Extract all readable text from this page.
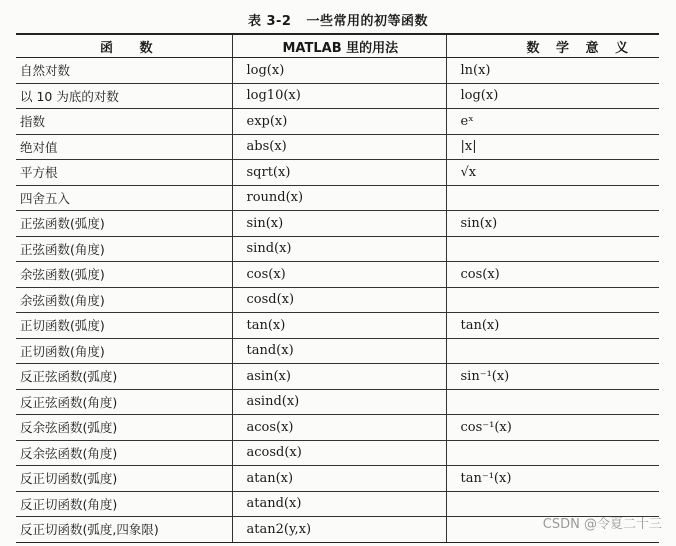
表 3-2 一些常用的初等函数
函 数	MATLAB 里的用法	数 学 意 义
自然对数	log(x)	ln(x)
以 10 为底的对数	log10(x)	log(x)
指数	exp(x)	eˣ
绝对值	abs(x)	|x|
平方根	sqrt(x)	√x
四舍五入	round(x)	
正弦函数(弧度)	sin(x)	sin(x)
正弦函数(角度)	sind(x)	
余弦函数(弧度)	cos(x)	cos(x)
余弦函数(角度)	cosd(x)	
正切函数(弧度)	tan(x)	tan(x)
正切函数(角度)	tand(x)	
反正弦函数(弧度)	asin(x)	sin⁻¹(x)
反正弦函数(角度)	asind(x)	
反余弦函数(弧度)	acos(x)	cos⁻¹(x)
反余弦函数(角度)	acosd(x)	
反正切函数(弧度)	atan(x)	tan⁻¹(x)
反正切函数(角度)	atand(x)	
反正切函数(弧度,四象限)	atan2(y,x)		CSDN @令夏二十三
